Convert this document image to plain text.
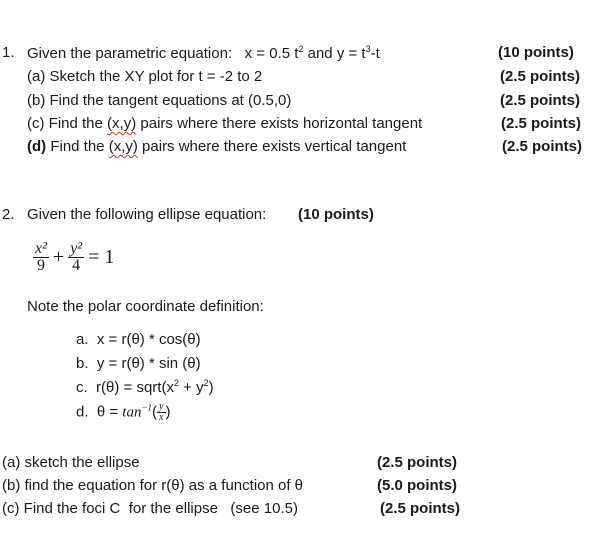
1. Given the parametric equation: x = 0.5 $t^2$ and $y = t^3-t$	(10 points)
(a) Sketch the XY plot for t = -2 to 2	(2.5 points)
(b) Find the tangent equations at (0.5,0)	(2.5 points)
(c) Find the (x,y) pairs where there exists horizontal tangent	(2.5 points)
(d) Find the (x,y) pairs where there exists vertical tangent	(2.5 points)
2. Given the following ellipse equation: (10 points)
$\frac{\text{x²}}{9} + \frac{\text{y²}}{4} = 1$
Note the polar coordinate definition:
a. x = r(θ) * cos(θ)
b. y = r(θ) * sin (θ)
c. $r(\theta) = sqrt(x^2 + y^2)$
d. $\theta = \tan^{-1}( \frac{y}{x}$ )
(a) sketch the ellipse	(2.5 points)
(b) find the equation for r(θ) as a function of θ	(5.0 points)
(c) Find the foci C  for the ellipse   (see 10.5)	(2.5 points)
